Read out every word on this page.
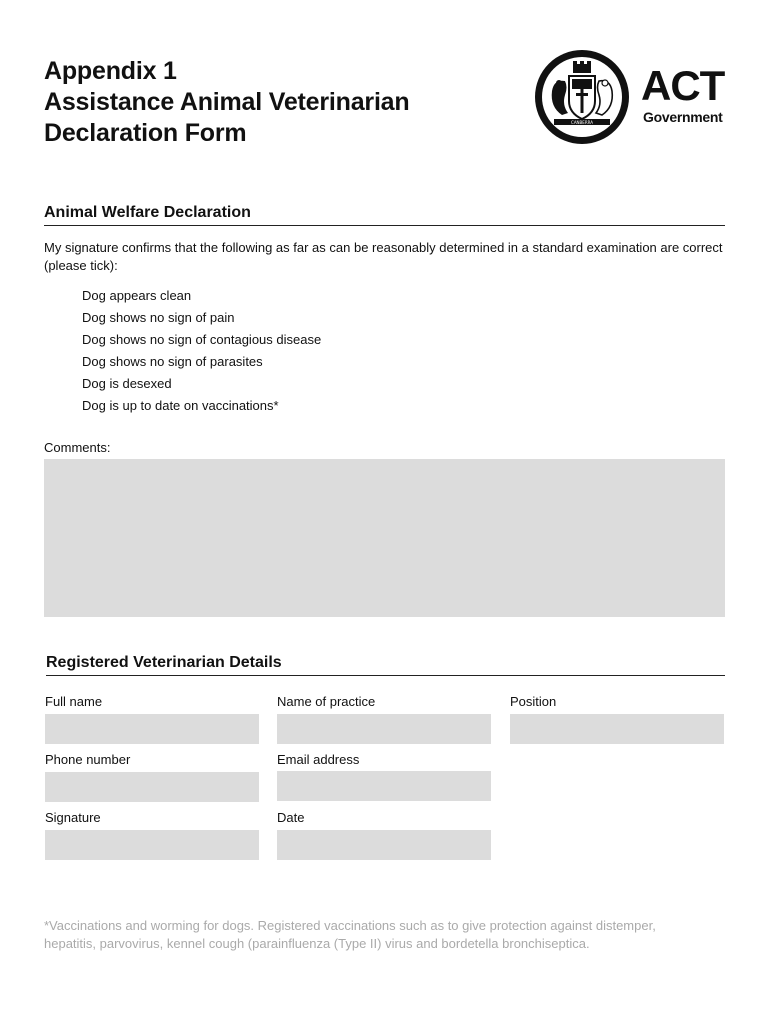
Appendix 1
Assistance Animal Veterinarian
Declaration Form	CANBERRA
ACT
Government
Animal Welfare Declaration
My signature confirms that the following as far as can be reasonably determined in a standard examination are correct (please tick):
Dog appears clean
Dog shows no sign of pain
Dog shows no sign of contagious disease
Dog shows no sign of parasites
Dog is desexed
Dog is up to date on vaccinations*
Comments:
Registered Veterinarian Details
Full name	Name of practice	Position
Phone number	Email address
Signature	Date
*Vaccinations and worming for dogs. Registered vaccinations such as to give protection against distemper, hepatitis, parvovirus, kennel cough (parainfluenza (Type II) virus and bordetella bronchiseptica.
